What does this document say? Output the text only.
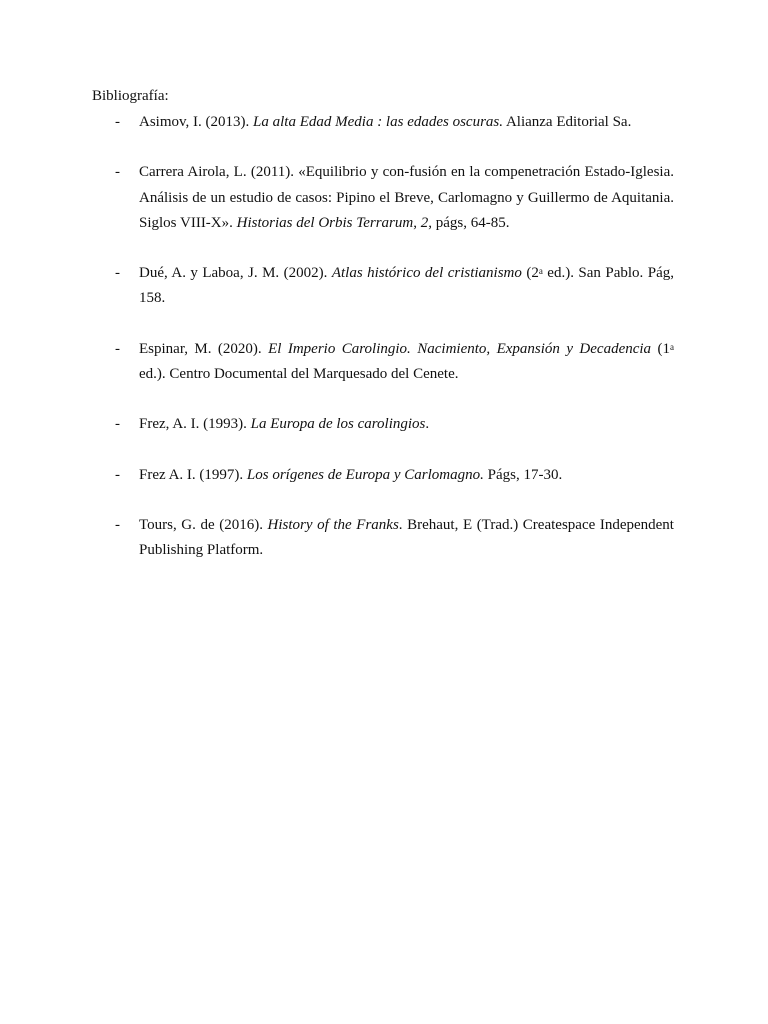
Bibliografía:

- Asimov, I. (2013). La alta Edad Media : las edades oscuras. Alianza Editorial Sa.
- Carrera Airola, L. (2011). «Equilibrio y con-fusión en la compenetración Estado-Iglesia. Análisis de un estudio de casos: Pipino el Breve, Carlomagno y Guillermo de Aquitania. Siglos VIII-X». Historias del Orbis Terrarum, 2, págs, 64-85.
- Dué, A. y Laboa, J. M. (2002). Atlas histórico del cristianismo (2$^a$ ed.). San Pablo. Pág, 158.
- Espinar, M. (2020). El Imperio Carolingio. Nacimiento, Expansión y Decadencia (1$^a$ ed.). Centro Documental del Marquesado del Cenete.
- Frez, A. I. (1993). La Europa de los carolingios.
- Frez A. I. (1997). Los orígenes de Europa y Carlomagno. Págs, 17-30.
- Tours, G. de (2016). History of the Franks. Brehaut, E (Trad.) Createspace Independent Publishing Platform.
